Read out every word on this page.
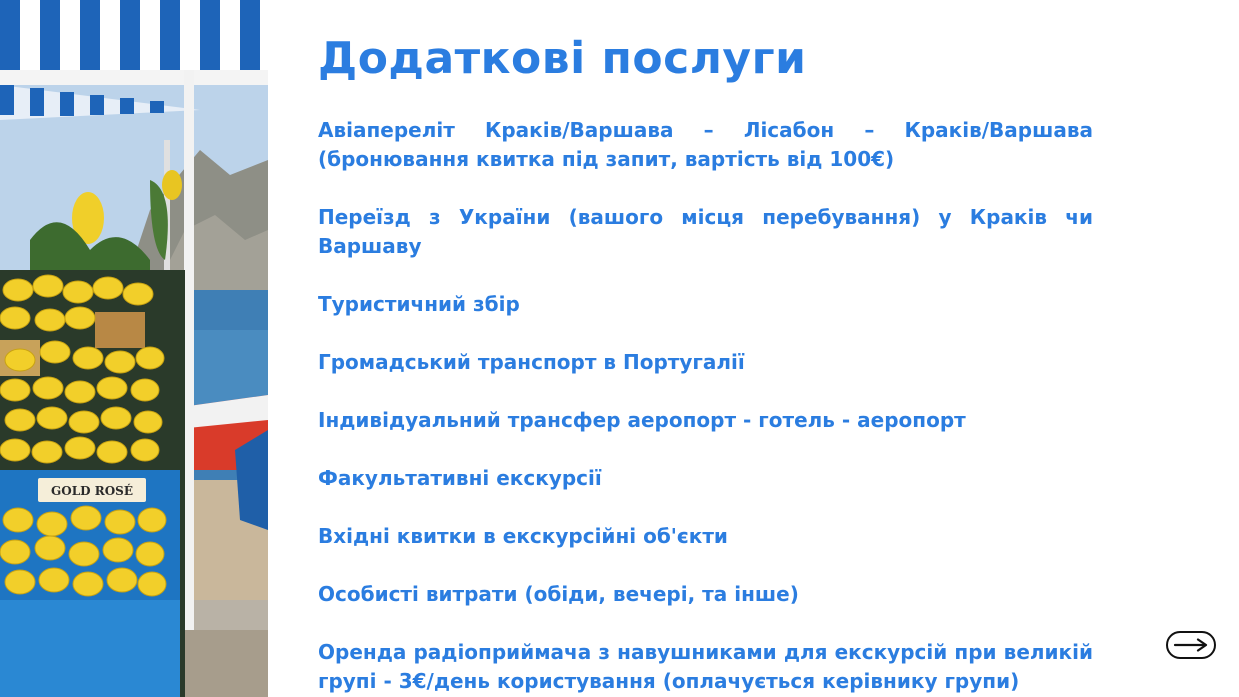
GOLD ROSÉ
Додаткові послуги
Авіапереліт Краків/Варшава – Лісабон – Краків/Варшава (бронювання квитка під запит, вартість від 100€)
Переїзд з України (вашого місця перебування) у Краків чи Варшаву
Туристичний збір
Громадський транспорт в Португалії
Індивідуальний трансфер аеропорт - готель - аеропорт
Факультативні екскурсії
Вхідні квитки в екскурсійні об'єкти
Особисті витрати (обіди, вечері, та інше)
Оренда радіоприймача з навушниками для екскурсій при великій групі - 3€/день користування (оплачується керівнику групи)
